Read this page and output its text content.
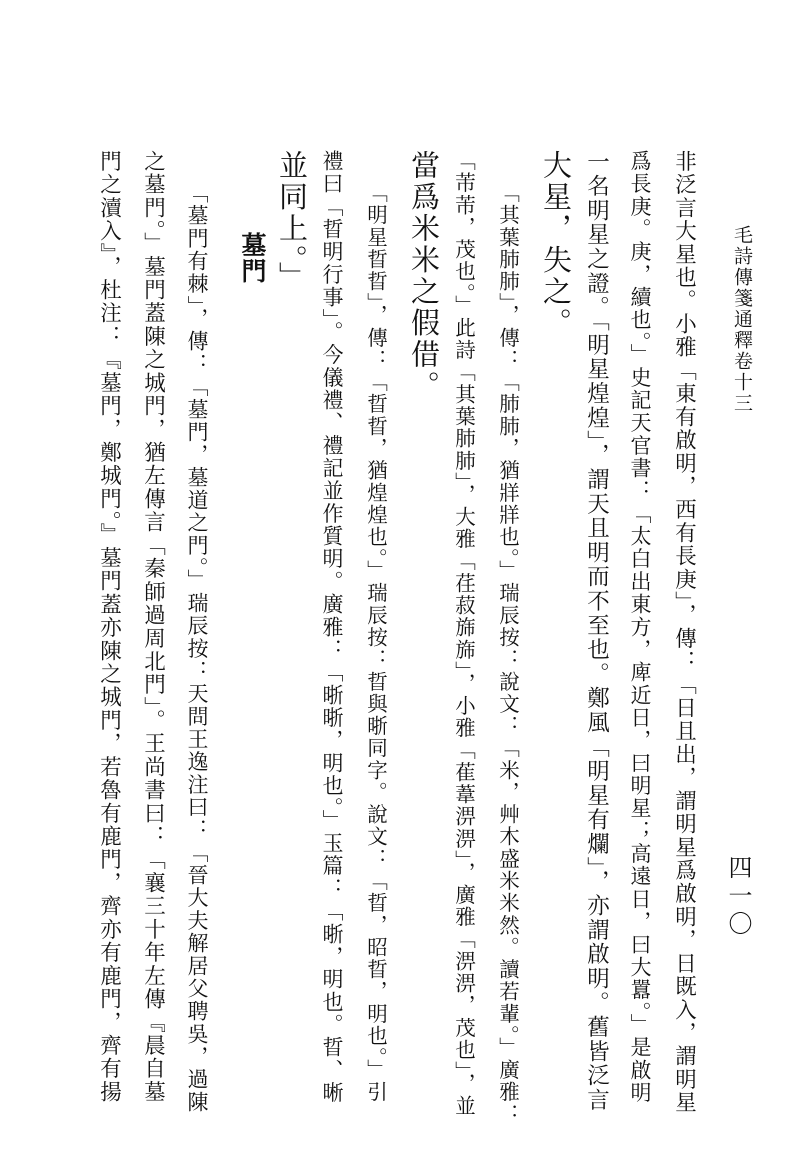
四一〇
毛詩傳箋通釋卷十三
非泛言大星也。小雅「東有啟明，西有長庚」，傳：「日且出，謂明星爲啟明，日既入，謂明星
爲長庚。庚，續也。」史記天官書：「太白出東方，庳近日，曰明星；高遠日，曰大囂。」是啟明
一名明星之證。「明星煌煌」，謂天且明而不至也。鄭風「明星有爛」，亦謂啟明。舊皆泛言
大星，失之。
「其葉肺肺」，傳：「肺肺，猶牂牂也。」瑞辰按：說文：「米，艸木盛米米然。讀若輩。」廣雅：
「芾芾，茂也。」此詩「其葉肺肺」，大雅「荏菽旆旆」，小雅「萑葦淠淠」，廣雅「淠淠，茂也」，並
當爲米米之假借。
「明星晢晢」，傳：「晢晢，猶煌煌也。」瑞辰按：晢與晣同字。說文：「晢，昭晢，明也。」引
禮曰「晢明行事」。今儀禮、禮記並作質明。廣雅：「晣晣，明也。」玉篇：「晣，明也。晢、晰
並同上。」
墓門
「墓門有棘」，傳：「墓門，墓道之門。」瑞辰按：天問王逸注曰：「晉大夫解居父聘吳，過陳
之墓門。」墓門蓋陳之城門，猶左傳言「秦師過周北門」。王尚書曰：「襄三十年左傳『晨自墓
門之瀆入』，杜注：『墓門，鄭城門。』墓門蓋亦陳之城門，若魯有鹿門，齊亦有鹿門，齊有揚
